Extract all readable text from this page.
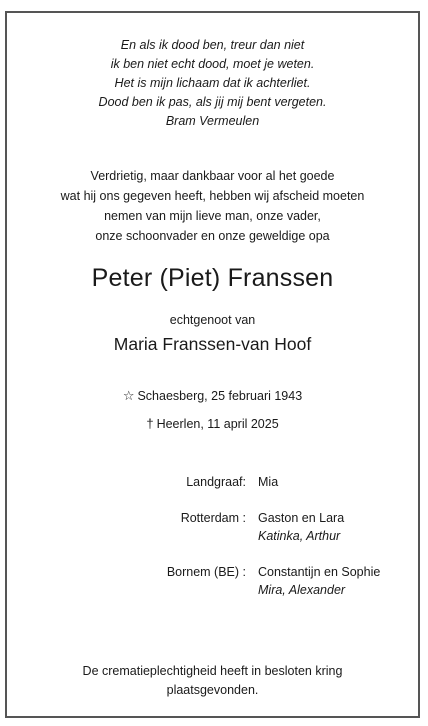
En als ik dood ben, treur dan niet
ik ben niet echt dood, moet je weten.
Het is mijn lichaam dat ik achterliet.
Dood ben ik pas, als jij mij bent vergeten.
Bram Vermeulen
Verdrietig, maar dankbaar voor al het goede
wat hij ons gegeven heeft, hebben wij afscheid moeten
nemen van mijn lieve man, onze vader,
onze schoonvader en onze geweldige opa
Peter (Piet) Franssen
echtgenoot van
Maria Franssen-van Hoof
☆ Schaesberg, 25 februari 1943
† Heerlen, 11 april 2025
Landgraaf: Mia
Rotterdam : Gaston en Lara
Katinka, Arthur
Bornem (BE) : Constantijn en Sophie
Mira, Alexander
De crematieplechtigheid heeft in besloten kring
plaatsgevonden.
